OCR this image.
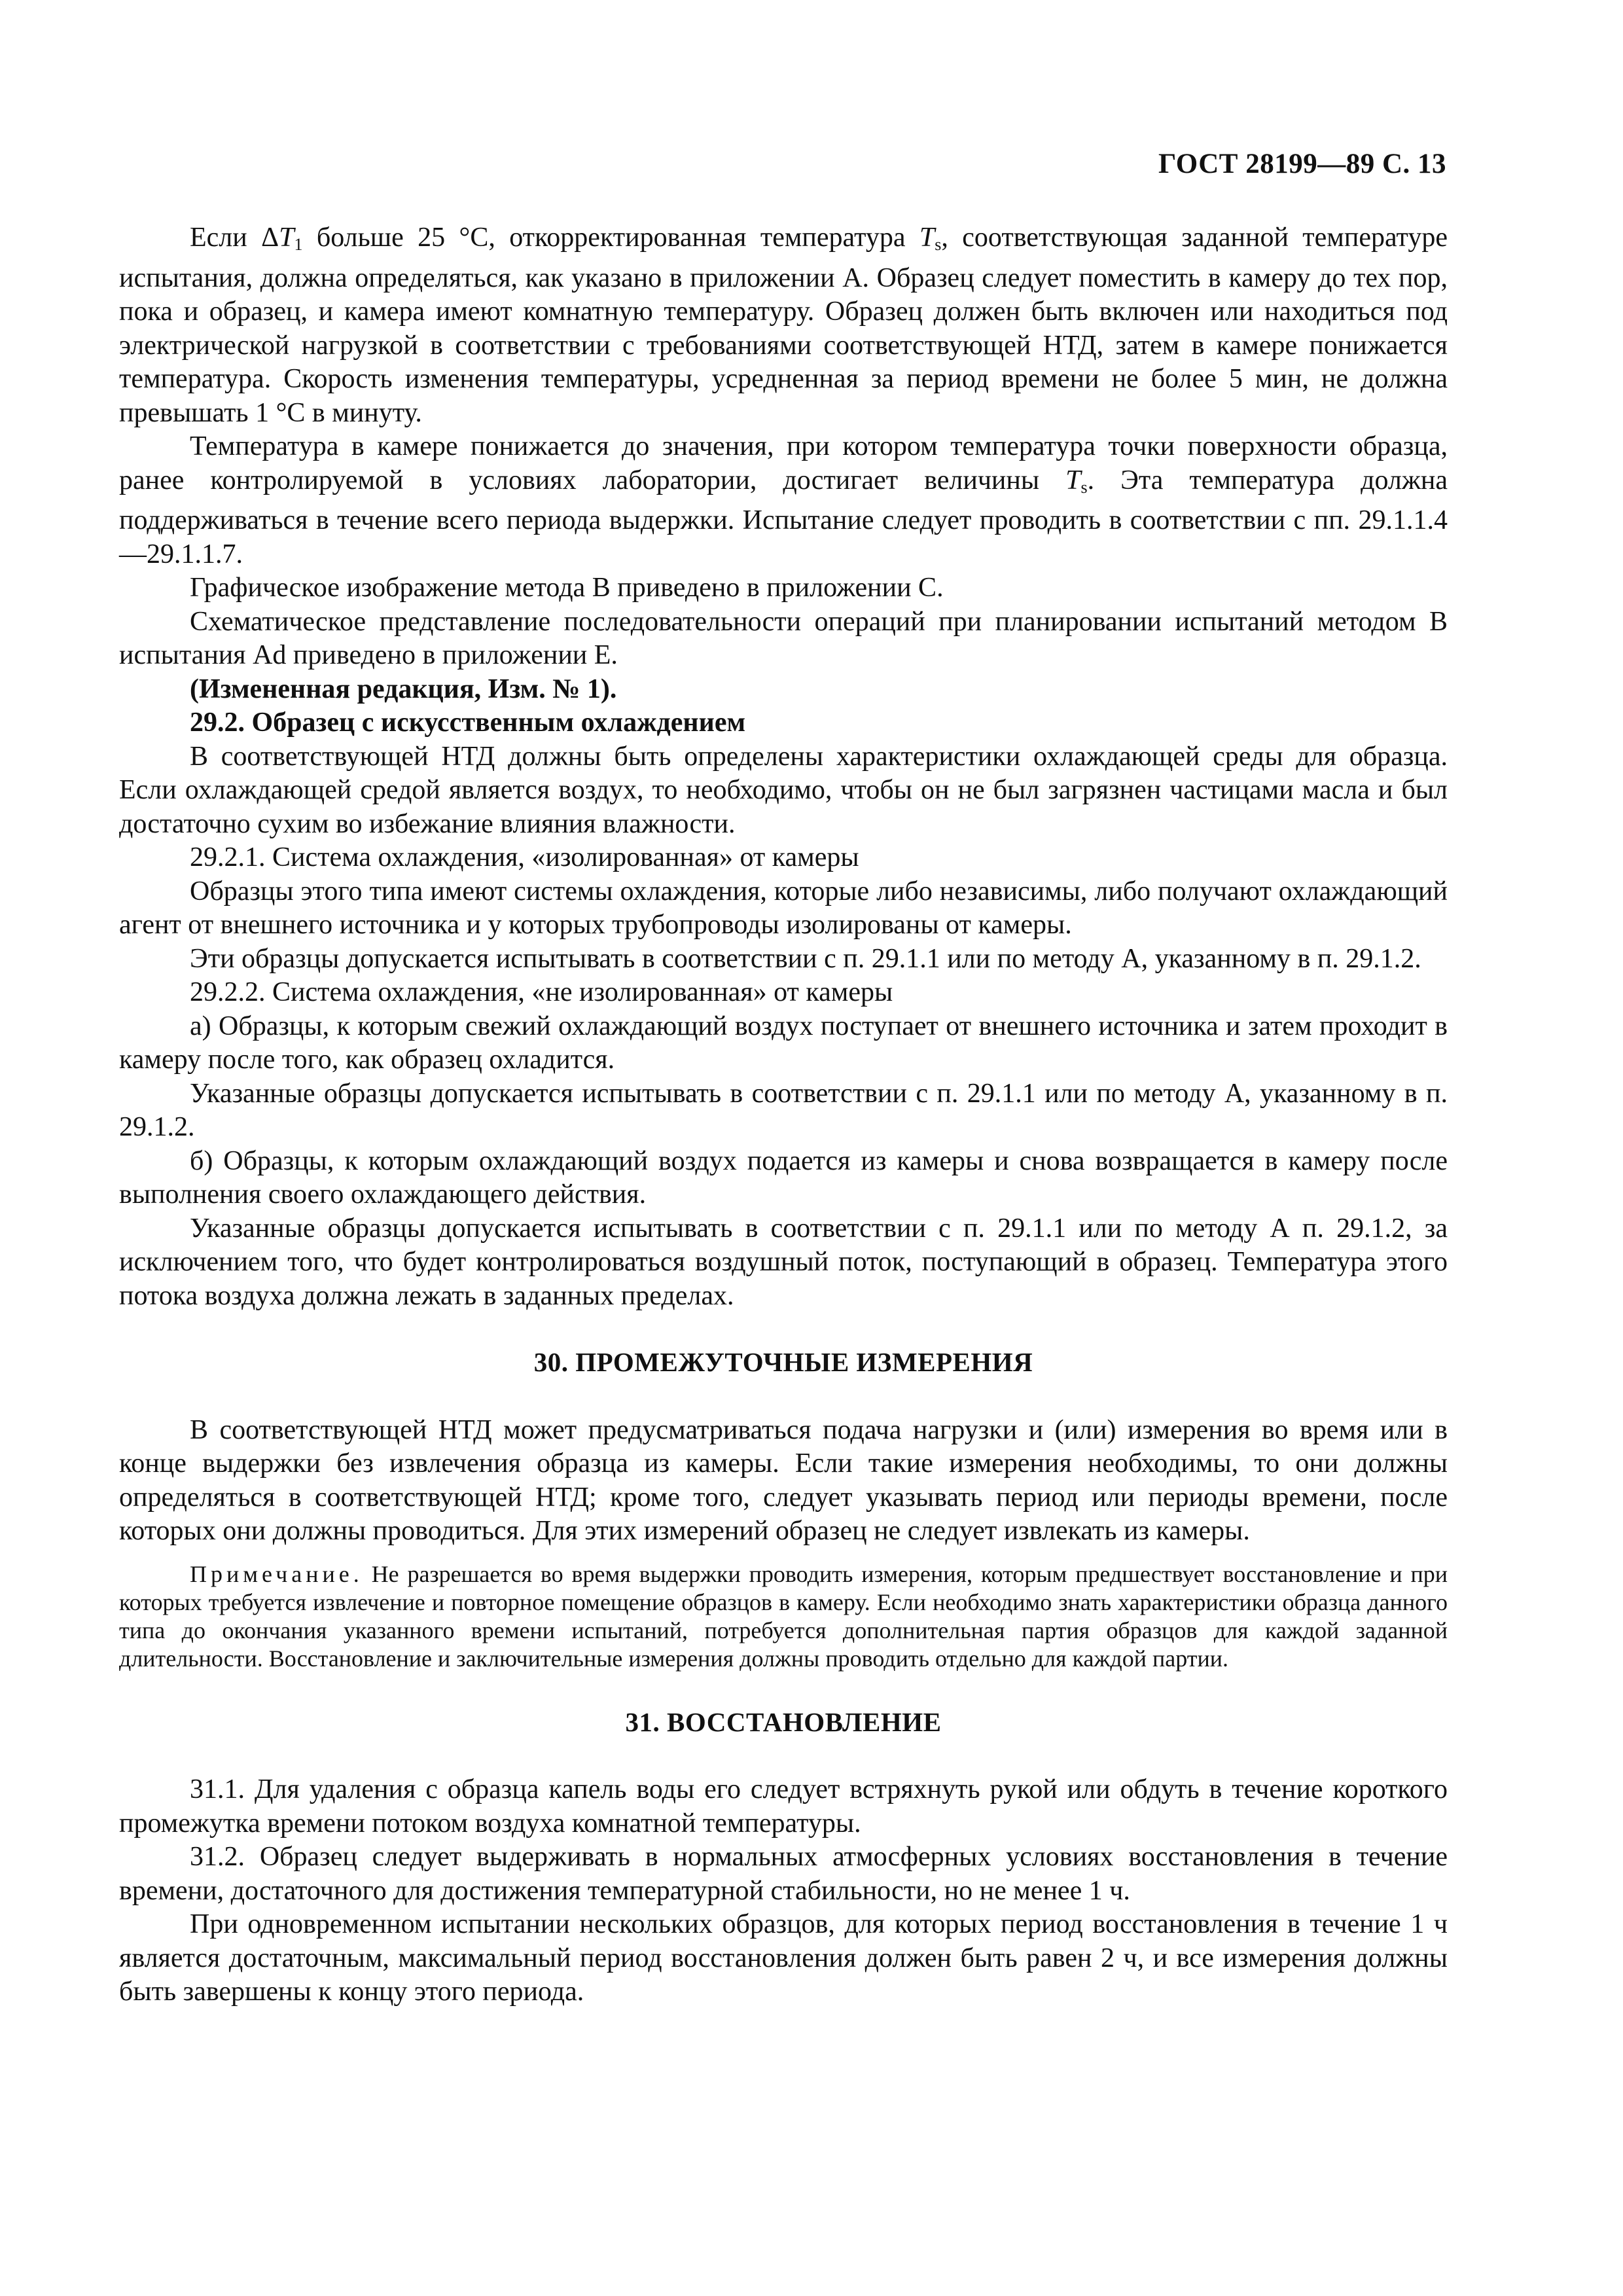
ГОСТ 28199—89 С. 13

Если $\Delta T_1$ больше 25 °С, откорректированная температура Ts, соответствующая заданной температуре испытания, должна определяться, как указано в приложении А. Образец следует поместить в камеру до тех пор, пока и образец, и камера имеют комнатную температуру. Образец должен быть включен или находиться под электрической нагрузкой в соответствии с требованиями соответствующей НТД, затем в камере понижается температура. Скорость изменения температуры, усредненная за период времени не более 5 мин, не должна превышать 1 °С в минуту.

Температура в камере понижается до значения, при котором температура точки поверхности образца, ранее контролируемой в условиях лаборатории, достигает величины Ts. Эта температура должна поддерживаться в течение всего периода выдержки. Испытание следует проводить в соответствии с пп. 29.1.1.4—29.1.1.7.

Графическое изображение метода В приведено в приложении С.

Схематическое представление последовательности операций при планировании испытаний методом В испытания Ad приведено в приложении Е.

(Измененная редакция, Изм. № 1).

29.2. Образец с искусственным охлаждением

В соответствующей НТД должны быть определены характеристики охлаждающей среды для образца. Если охлаждающей средой является воздух, то необходимо, чтобы он не был загрязнен частицами масла и был достаточно сухим во избежание влияния влажности.

29.2.1. Система охлаждения, «изолированная» от камеры

Образцы этого типа имеют системы охлаждения, которые либо независимы, либо получают охлаждающий агент от внешнего источника и у которых трубопроводы изолированы от камеры.

Эти образцы допускается испытывать в соответствии с п. 29.1.1 или по методу А, указанному в п. 29.1.2.

29.2.2. Система охлаждения, «не изолированная» от камеры

а) Образцы, к которым свежий охлаждающий воздух поступает от внешнего источника и затем проходит в камеру после того, как образец охладится.

Указанные образцы допускается испытывать в соответствии с п. 29.1.1 или по методу А, указанному в п. 29.1.2.

б) Образцы, к которым охлаждающий воздух подается из камеры и снова возвращается в камеру после выполнения своего охлаждающего действия.

Указанные образцы допускается испытывать в соответствии с п. 29.1.1 или по методу А п. 29.1.2, за исключением того, что будет контролироваться воздушный поток, поступающий в образец. Температура этого потока воздуха должна лежать в заданных пределах.

30. ПРОМЕЖУТОЧНЫЕ ИЗМЕРЕНИЯ

В соответствующей НТД может предусматриваться подача нагрузки и (или) измерения во время или в конце выдержки без извлечения образца из камеры. Если такие измерения необходимы, то они должны определяться в соответствующей НТД; кроме того, следует указывать период или периоды времени, после которых они должны проводиться. Для этих измерений образец не следует извлекать из камеры.

Примечание. Не разрешается во время выдержки проводить измерения, которым предшествует восстановление и при которых требуется извлечение и повторное помещение образцов в камеру. Если необходимо знать характеристики образца данного типа до окончания указанного времени испытаний, потребуется дополнительная партия образцов для каждой заданной длительности. Восстановление и заключительные измерения должны проводить отдельно для каждой партии.

31. ВОССТАНОВЛЕНИЕ

31.1. Для удаления с образца капель воды его следует встряхнуть рукой или обдуть в течение короткого промежутка времени потоком воздуха комнатной температуры.

31.2. Образец следует выдерживать в нормальных атмосферных условиях восстановления в течение времени, достаточного для достижения температурной стабильности, но не менее 1 ч.

При одновременном испытании нескольких образцов, для которых период восстановления в течение 1 ч является достаточным, максимальный период восстановления должен быть равен 2 ч, и все измерения должны быть завершены к концу этого периода.
